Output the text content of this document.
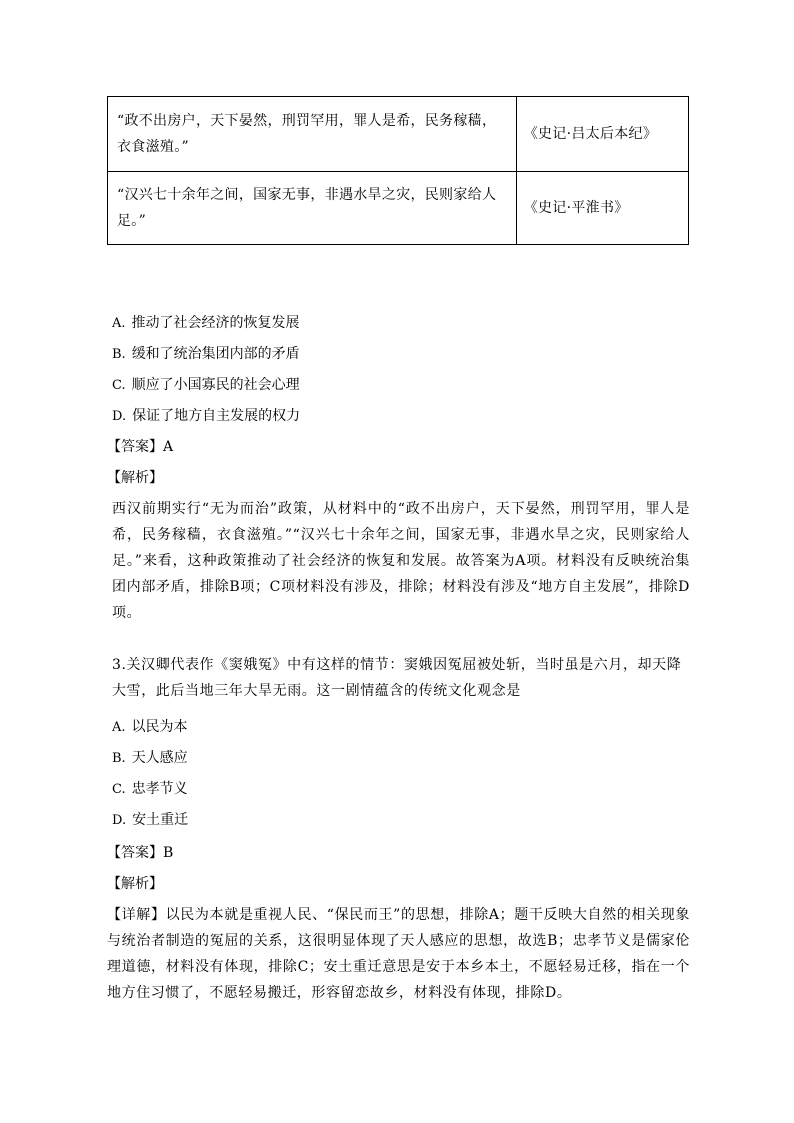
“政不出房户，天下晏然，刑罚罕用，罪人是希，民务稼穑，衣食滋殖。”	《史记·吕太后本纪》
“汉兴七十余年之间，国家无事，非遇水旱之灾，民则家给人足。”	《史记·平淮书》
A. 推动了社会经济的恢复发展
B. 缓和了统治集团内部的矛盾
C. 顺应了小国寡民的社会心理
D. 保证了地方自主发展的权力
【答案】A
【解析】
西汉前期实行“无为而治”政策，从材料中的“政不出房户，天下晏然，刑罚罕用，罪人是希，民务稼穑，衣食滋殖。”“汉兴七十余年之间，国家无事，非遇水旱之灾，民则家给人足。”来看，这种政策推动了社会经济的恢复和发展。故答案为A项。材料没有反映统治集团内部矛盾，排除B项；C项材料没有涉及，排除；材料没有涉及“地方自主发展”，排除D项。
3.关汉卿代表作《窦娥冤》中有这样的情节：窦娥因冤屈被处斩，当时虽是六月，却天降大雪，此后当地三年大旱无雨。这一剧情蕴含的传统文化观念是
A. 以民为本
B. 天人感应
C. 忠孝节义
D. 安土重迁
【答案】B
【解析】
【详解】以民为本就是重视人民、“保民而王”的思想，排除A；题干反映大自然的相关现象与统治者制造的冤屈的关系，这很明显体现了天人感应的思想，故选B；忠孝节义是儒家伦理道德，材料没有体现，排除C；安土重迁意思是安于本乡本土，不愿轻易迁移，指在一个地方住习惯了，不愿轻易搬迁，形容留恋故乡，材料没有体现，排除D。
